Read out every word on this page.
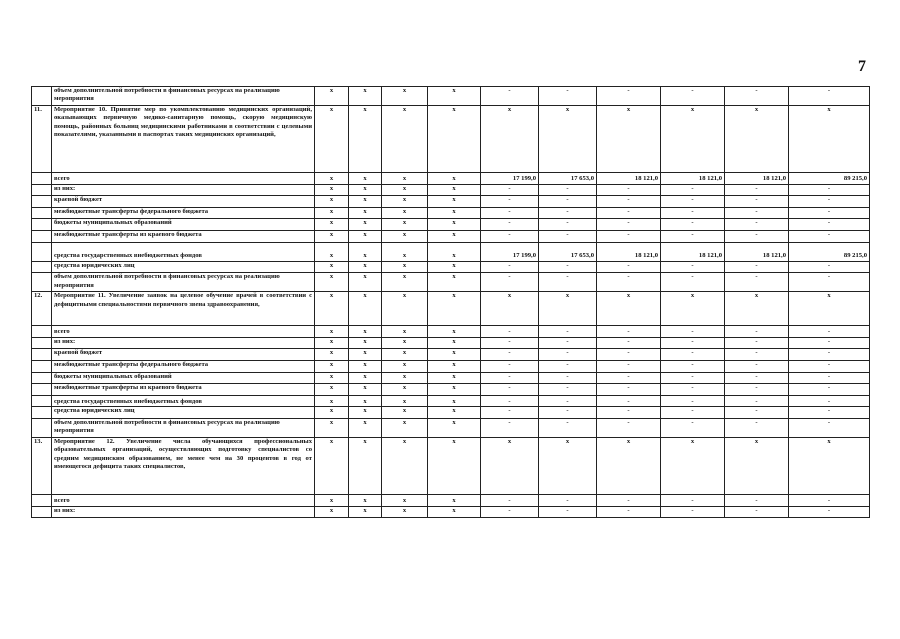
7
	объем дополнительной потребности в финансовых ресурсах на реализацию мероприятия	x	x	x	x	-	-	-	-	-	-
11.	Мероприятие 10. Принятие мер по укомплектованию медицинских организаций, оказывающих первичную медико-санитарную помощь, скорую медицинскую помощь, районных больниц медицинскими работниками в соответствии с целевыми показателями, указанными в паспортах таких медицинских организаций,	x	x	x	x	x	x	x	x	x	x
	всего	x	x	x	x	17 199,0	17 653,0	18 121,0	18 121,0	18 121,0	89 215,0
	из них:	x	x	x	x	-	-	-	-	-	-
	краевой бюджет	x	x	x	x	-	-	-	-	-	-
	межбюджетные трансферты федерального бюджета	x	x	x	x	-	-	-	-	-	-
	бюджеты муниципальных образований	x	x	x	x	-	-	-	-	-	-
	межбюджетные трансферты из краевого бюджета	x	x	x	x	-	-	-	-	-	-
	средства государственных внебюджетных фондов	x	x	x	x	17 199,0	17 653,0	18 121,0	18 121,0	18 121,0	89 215,0
	средства юридических лиц	x	x	x	x	-	-	-	-	-	-
	объем дополнительной потребности в финансовых ресурсах на реализацию мероприятия	x	x	x	x	-	-	-	-	-	-
12.	Мероприятие 11. Увеличение заявок на целевое обучение врачей в соответствии с дефицитными специальностями первичного звена здравоохранения,	x	x	x	x	x	x	x	x	x	x
	всего	x	x	x	x	-	-	-	-	-	-
	из них:	x	x	x	x	-	-	-	-	-	-
	краевой бюджет	x	x	x	x	-	-	-	-	-	-
	межбюджетные трансферты федерального бюджета	x	x	x	x	-	-	-	-	-	-
	бюджеты муниципальных образований	x	x	x	x	-	-	-	-	-	-
	межбюджетные трансферты из краевого бюджета	x	x	x	x	-	-	-	-	-	-
	средства государственных внебюджетных фондов	x	x	x	x	-	-	-	-	-	-
	средства юридических лиц	x	x	x	x	-	-	-	-	-	-
	объем дополнительной потребности в финансовых ресурсах на реализацию мероприятия	x	x	x	x	-	-	-	-	-	-
13.	Мероприятие 12. Увеличение числа обучающихся профессиональных образовательных организаций, осуществляющих подготовку специалистов со средним медицинским образованием, не менее чем на 30 процентов в год от имеющегося дефицита таких специалистов,	x	x	x	x	x	x	x	x	x	x
	всего	x	x	x	x	-	-	-	-	-	-
	из них:	x	x	x	x	-	-	-	-	-	-
